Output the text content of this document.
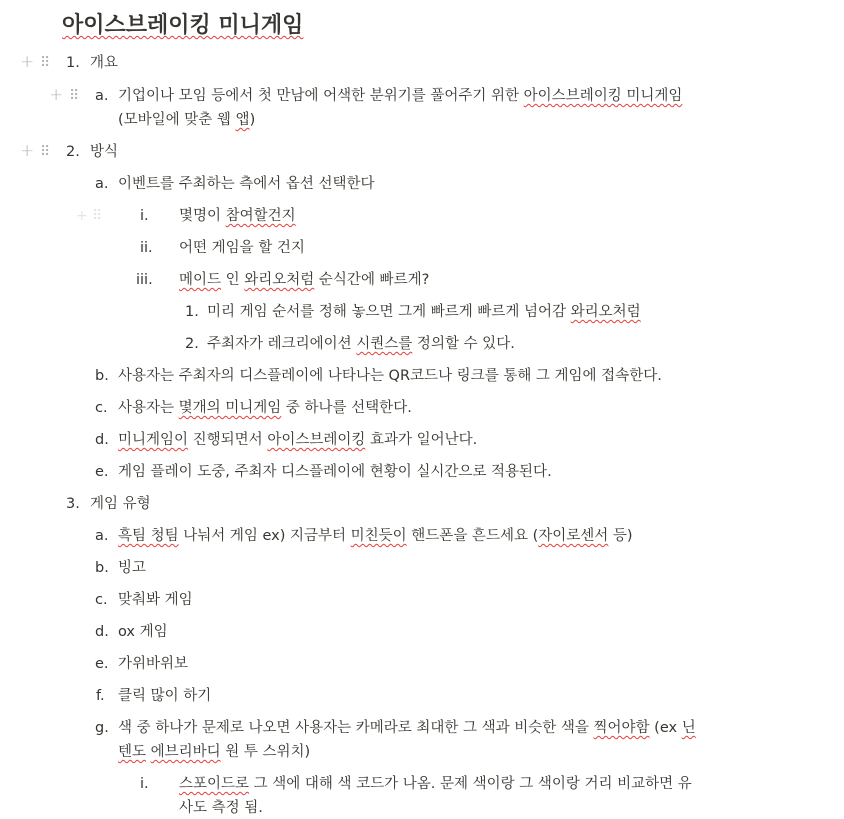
아이스브레이킹 미니게임
+ ⠿ 1. 개요
+ ⠿ a. 기업이나 모임 등에서 첫 만남에 어색한 분위기를 풀어주기 위한 아이스브레이킹 미니게임
(모바일에 맞춘 웹 앱)
+ ⠿ 2. 방식
a. 이벤트를 주최하는 측에서 옵션 선택한다
i. 몇명이 참여할건지
+ ⠿
ii. 어떤 게임을 할 건지
iii. 메이드 인 와리오처럼 순식간에 빠르게?
1. 미리 게임 순서를 정해 놓으면 그게 빠르게 빠르게 넘어감 와리오처럼
2. 주최자가 레크리에이션 시퀀스를 정의할 수 있다.
b. 사용자는 주최자의 디스플레이에 나타나는 QR코드나 링크를 통해 그 게임에 접속한다.
c. 사용자는 몇개의 미니게임 중 하나를 선택한다.
d. 미니게임이 진행되면서 아이스브레이킹 효과가 일어난다.
e. 게임 플레이 도중, 주최자 디스플레이에 현황이 실시간으로 적용된다.
3. 게임 유형
a. 흑팀 청팀 나눠서 게임 ex) 지금부터 미친듯이 핸드폰을 흔드세요 (자이로센서 등)
b. 빙고
c. 맞춰봐 게임
d. ox 게임
e. 가위바위보
f. 클릭 많이 하기
g. 색 중 하나가 문제로 나오면 사용자는 카메라로 최대한 그 색과 비슷한 색을 찍어야함 (ex 닌
텐도 에브리바디 원 투 스위치)
i. 스포이드로 그 색에 대해 색 코드가 나옴. 문제 색이랑 그 색이랑 거리 비교하면 유
사도 측정 됨.
